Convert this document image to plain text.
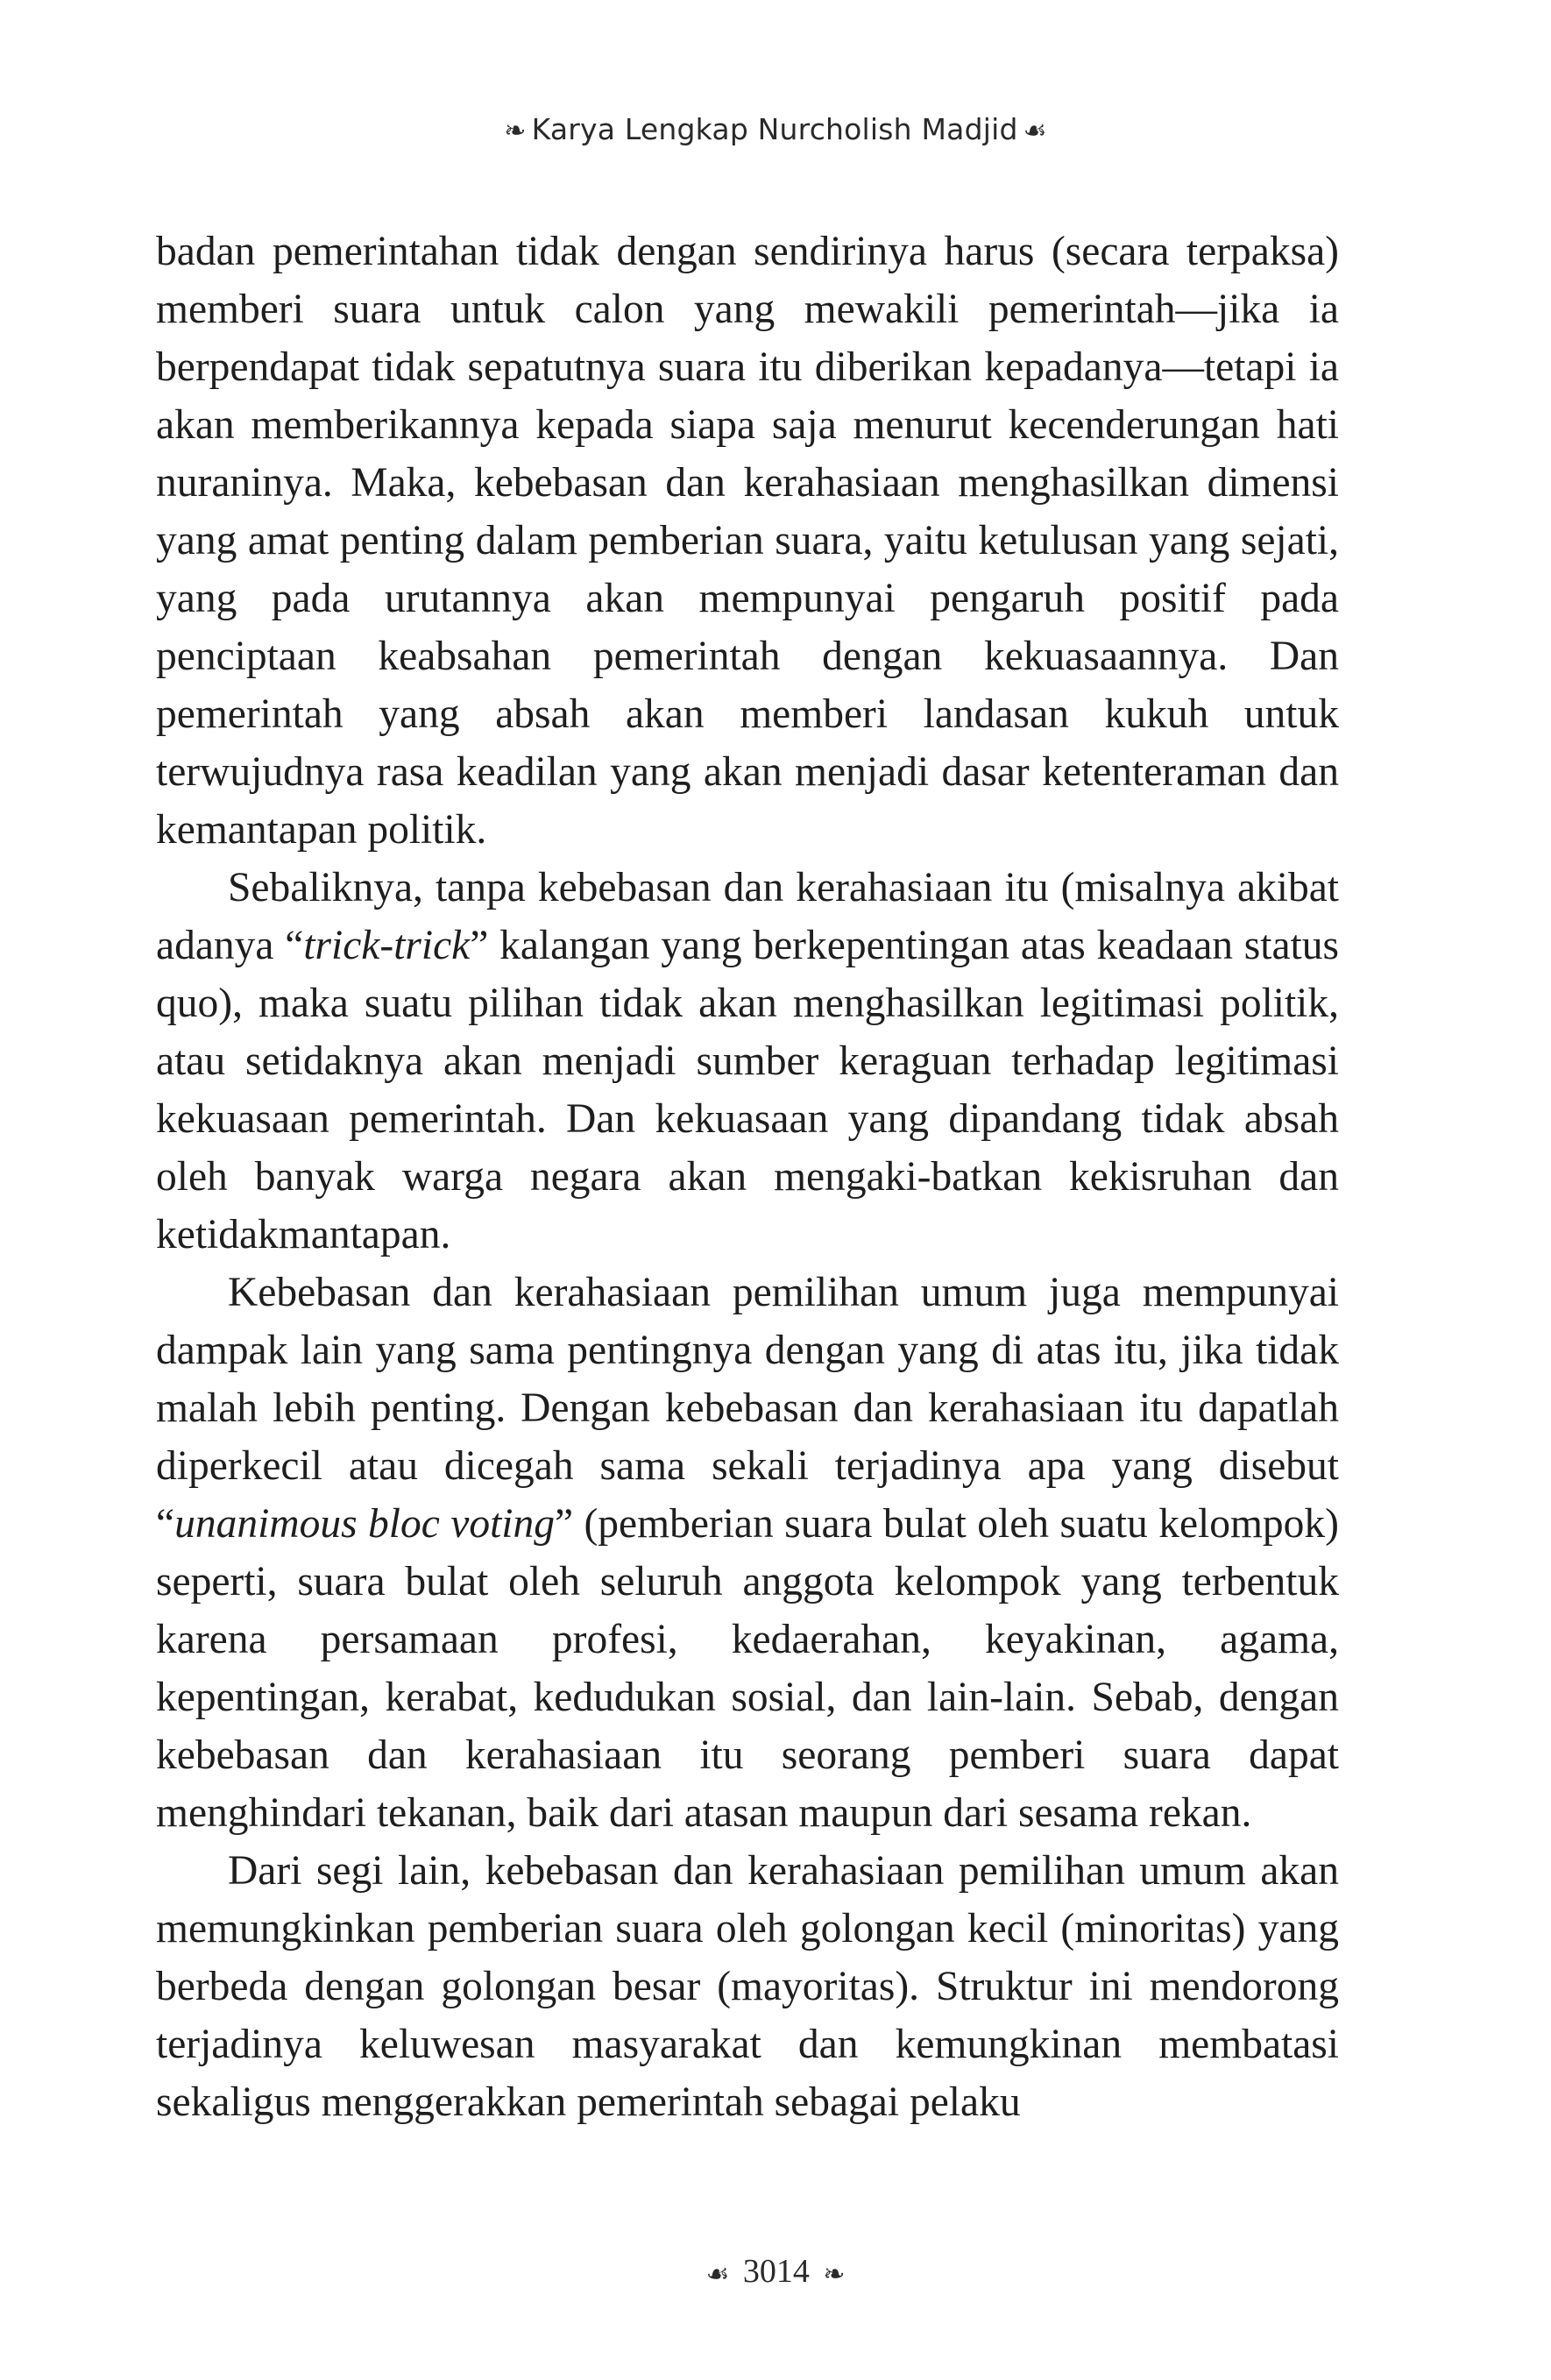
❧ Karya Lengkap Nurcholish Madjid ☙

badan pemerintahan tidak dengan sendirinya harus (secara terpaksa) memberi suara untuk calon yang mewakili pemerintah—jika ia berpendapat tidak sepatutnya suara itu diberikan kepadanya—tetapi ia akan memberikannya kepada siapa saja menurut kecenderungan hati nuraninya. Maka, kebebasan dan kerahasiaan menghasilkan dimensi yang amat penting dalam pemberian suara, yaitu ketulusan yang sejati, yang pada urutannya akan mempunyai pengaruh positif pada penciptaan keabsahan pemerintah dengan kekuasaannya. Dan pemerintah yang absah akan memberi landasan kukuh untuk terwujudnya rasa keadilan yang akan menjadi dasar ketenteraman dan kemantapan politik.

Sebaliknya, tanpa kebebasan dan kerahasiaan itu (misalnya akibat adanya “trick-trick” kalangan yang berkepentingan atas keadaan status quo), maka suatu pilihan tidak akan menghasilkan legitimasi politik, atau setidaknya akan menjadi sumber keraguan terhadap legitimasi kekuasaan pemerintah. Dan kekuasaan yang dipandang tidak absah oleh banyak warga negara akan mengaki-batkan kekisruhan dan ketidakmantapan.

Kebebasan dan kerahasiaan pemilihan umum juga mempunyai dampak lain yang sama pentingnya dengan yang di atas itu, jika tidak malah lebih penting. Dengan kebebasan dan kerahasiaan itu dapatlah diperkecil atau dicegah sama sekali terjadinya apa yang disebut “unanimous bloc voting” (pemberian suara bulat oleh suatu kelompok) seperti, suara bulat oleh seluruh anggota kelompok yang terbentuk karena persamaan profesi, kedaerahan, keyakinan, agama, kepentingan, kerabat, kedudukan sosial, dan lain-lain. Sebab, dengan kebebasan dan kerahasiaan itu seorang pemberi suara dapat menghindari tekanan, baik dari atasan maupun dari sesama rekan.

Dari segi lain, kebebasan dan kerahasiaan pemilihan umum akan memungkinkan pemberian suara oleh golongan kecil (minoritas) yang berbeda dengan golongan besar (mayoritas). Struktur ini mendorong terjadinya keluwesan masyarakat dan kemungkinan membatasi sekaligus menggerakkan pemerintah sebagai pelaku

☙ 3014 ❧
